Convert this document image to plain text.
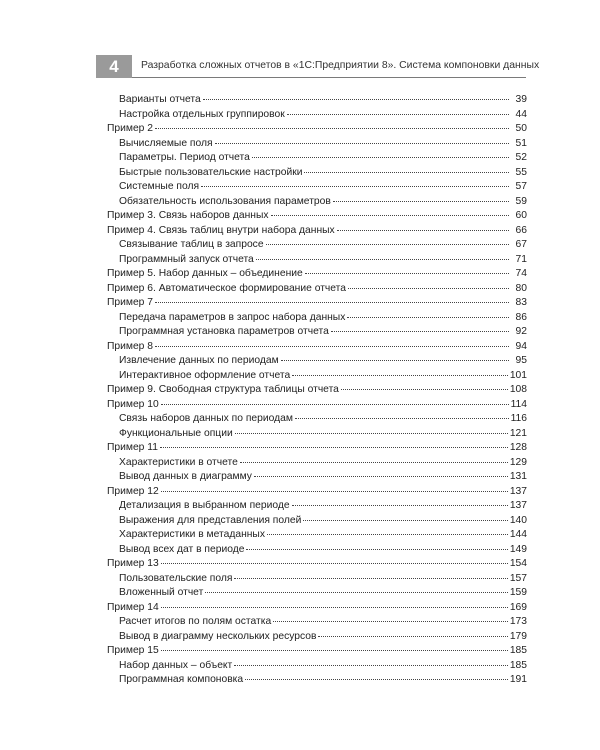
4	Разработка сложных отчетов в «1С:Предприятии 8». Система компоновки данных
Варианты отчета	39
Настройка отдельных группировок	44
Пример 2	50
Вычисляемые поля	51
Параметры. Период отчета	52
Быстрые пользовательские настройки	55
Системные поля	57
Обязательность использования параметров	59
Пример 3. Связь наборов данных	60
Пример 4. Связь таблиц внутри набора данных	66
Связывание таблиц в запросе	67
Программный запуск отчета	71
Пример 5. Набор данных – объединение	74
Пример 6. Автоматическое формирование отчета	80
Пример 7	83
Передача параметров в запрос набора данных	86
Программная установка параметров отчета	92
Пример 8	94
Извлечение данных по периодам	95
Интерактивное оформление отчета	101
Пример 9. Свободная структура таблицы отчета	108
Пример 10	114
Связь наборов данных по периодам	116
Функциональные опции	121
Пример 11	128
Характеристики в отчете	129
Вывод данных в диаграмму	131
Пример 12	137
Детализация в выбранном периоде	137
Выражения для представления полей	140
Характеристики в метаданных	144
Вывод всех дат в периоде	149
Пример 13	154
Пользовательские поля	157
Вложенный отчет	159
Пример 14	169
Расчет итогов по полям остатка	173
Вывод в диаграмму нескольких ресурсов	179
Пример 15	185
Набор данных – объект	185
Программная компоновка	191
